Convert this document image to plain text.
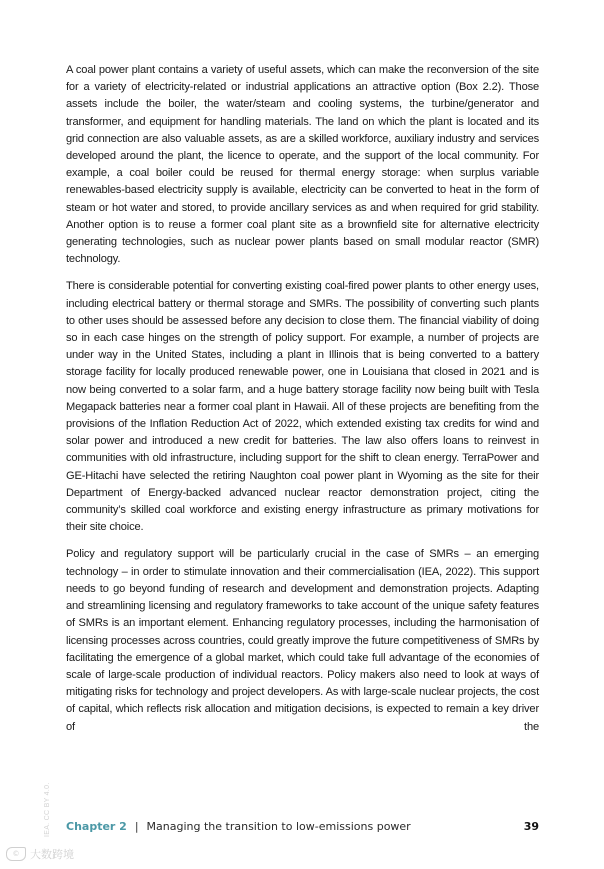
A coal power plant contains a variety of useful assets, which can make the reconversion of the site for a variety of electricity-related or industrial applications an attractive option (Box 2.2). Those assets include the boiler, the water/steam and cooling systems, the turbine/generator and transformer, and equipment for handling materials. The land on which the plant is located and its grid connection are also valuable assets, as are a skilled workforce, auxiliary industry and services developed around the plant, the licence to operate, and the support of the local community. For example, a coal boiler could be reused for thermal energy storage: when surplus variable renewables-based electricity supply is available, electricity can be converted to heat in the form of steam or hot water and stored, to provide ancillary services as and when required for grid stability. Another option is to reuse a former coal plant site as a brownfield site for alternative electricity generating technologies, such as nuclear power plants based on small modular reactor (SMR) technology.

There is considerable potential for converting existing coal-fired power plants to other energy uses, including electrical battery or thermal storage and SMRs. The possibility of converting such plants to other uses should be assessed before any decision to close them. The financial viability of doing so in each case hinges on the strength of policy support. For example, a number of projects are under way in the United States, including a plant in Illinois that is being converted to a battery storage facility for locally produced renewable power, one in Louisiana that closed in 2021 and is now being converted to a solar farm, and a huge battery storage facility now being built with Tesla Megapack batteries near a former coal plant in Hawaii. All of these projects are benefiting from the provisions of the Inflation Reduction Act of 2022, which extended existing tax credits for wind and solar power and introduced a new credit for batteries. The law also offers loans to reinvest in communities with old infrastructure, including support for the shift to clean energy. TerraPower and GE-Hitachi have selected the retiring Naughton coal power plant in Wyoming as the site for their Department of Energy-backed advanced nuclear reactor demonstration project, citing the community’s skilled coal workforce and existing energy infrastructure as primary motivations for their site choice.

Policy and regulatory support will be particularly crucial in the case of SMRs – an emerging technology – in order to stimulate innovation and their commercialisation (IEA, 2022). This support needs to go beyond funding of research and development and demonstration projects. Adapting and streamlining licensing and regulatory frameworks to take account of the unique safety features of SMRs is an important element. Enhancing regulatory processes, including the harmonisation of licensing processes across countries, could greatly improve the future competitiveness of SMRs by facilitating the emergence of a global market, which could take full advantage of the economies of scale of large-scale production of individual reactors. Policy makers also need to look at ways of mitigating risks for technology and project developers. As with large-scale nuclear projects, the cost of capital, which reflects risk allocation and mitigation decisions, is expected to remain a key driver of the

IEA. CC BY 4.0.	Chapter 2 | Managing the transition to low-emissions power	39
© 大数跨境
